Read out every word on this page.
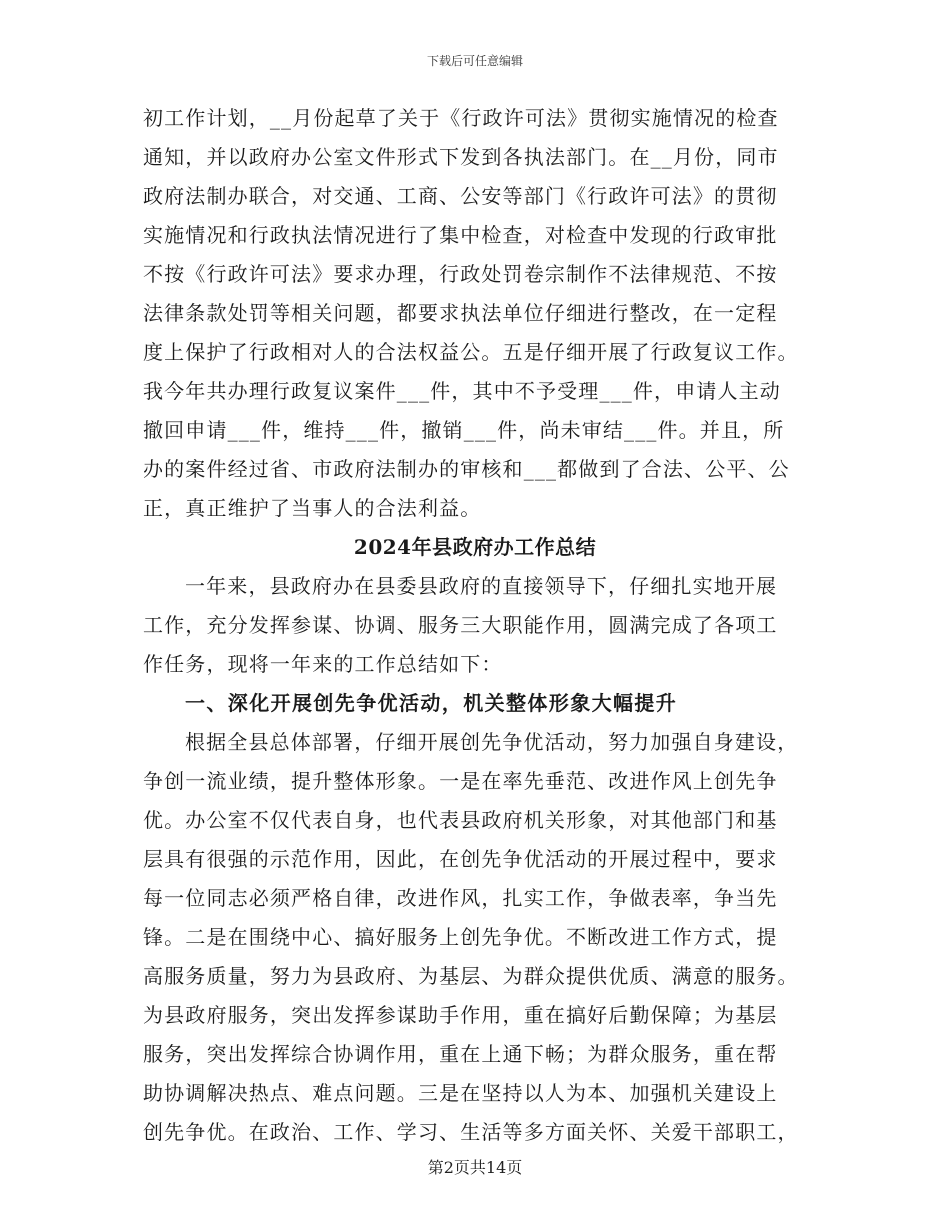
下载后可任意编辑
初工作计划，__月份起草了关于《行政许可法》贯彻实施情况的检查
通知，并以政府办公室文件形式下发到各执法部门。在__月份，同市
政府法制办联合，对交通、工商、公安等部门《行政许可法》的贯彻
实施情况和行政执法情况进行了集中检查，对检查中发现的行政审批
不按《行政许可法》要求办理，行政处罚卷宗制作不法律规范、不按
法律条款处罚等相关问题，都要求执法单位仔细进行整改，在一定程
度上保护了行政相对人的合法权益公。五是仔细开展了行政复议工作。
我今年共办理行政复议案件___件，其中不予受理___件，申请人主动
撤回申请___件，维持___件，撤销___件，尚未审结___件。并且，所
办的案件经过省、市政府法制办的审核和___都做到了合法、公平、公
正，真正维护了当事人的合法利益。
2024年县政府办工作总结
一年来，县政府办在县委县政府的直接领导下，仔细扎实地开展
工作，充分发挥参谋、协调、服务三大职能作用，圆满完成了各项工
作任务，现将一年来的工作总结如下：
一、深化开展创先争优活动，机关整体形象大幅提升
根据全县总体部署，仔细开展创先争优活动，努力加强自身建设，
争创一流业绩，提升整体形象。一是在率先垂范、改进作风上创先争
优。办公室不仅代表自身，也代表县政府机关形象，对其他部门和基
层具有很强的示范作用，因此，在创先争优活动的开展过程中，要求
每一位同志必须严格自律，改进作风，扎实工作，争做表率，争当先
锋。二是在围绕中心、搞好服务上创先争优。不断改进工作方式，提
高服务质量，努力为县政府、为基层、为群众提供优质、满意的服务。
为县政府服务，突出发挥参谋助手作用，重在搞好后勤保障；为基层
服务，突出发挥综合协调作用，重在上通下畅；为群众服务，重在帮
助协调解决热点、难点问题。三是在坚持以人为本、加强机关建设上
创先争优。在政治、工作、学习、生活等多方面关怀、关爱干部职工，
第2页共14页
